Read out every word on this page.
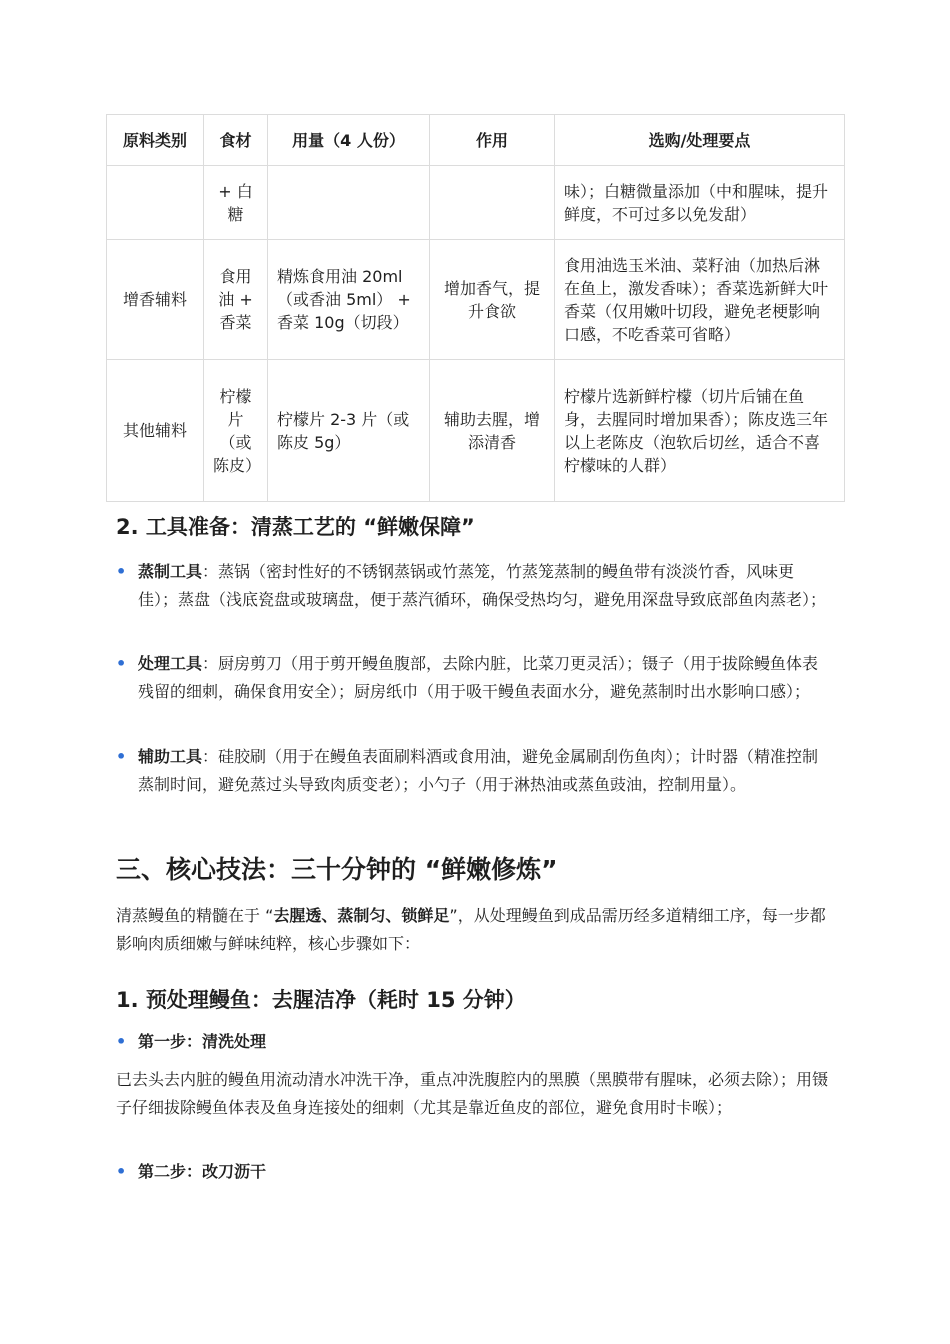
原料类别	食材	用量（4 人份）	作用	选购/处理要点
	+ 白糖			味）；白糖微量添加（中和腥味，提升鲜度，不可过多以免发甜）
增香辅料	食用油 + 香菜	精炼食用油 20ml（或香油 5ml） + 香菜 10g（切段）	增加香气，提升食欲	食用油选玉米油、菜籽油（加热后淋在鱼上，激发香味）；香菜选新鲜大叶香菜（仅用嫩叶切段，避免老梗影响口感，不吃香菜可省略）
其他辅料	柠檬片（或陈皮）	柠檬片 2-3 片（或陈皮 5g）	辅助去腥，增添清香	柠檬片选新鲜柠檬（切片后铺在鱼身，去腥同时增加果香）；陈皮选三年以上老陈皮（泡软后切丝，适合不喜柠檬味的人群）
2. 工具准备：清蒸工艺的 “鲜嫩保障”
• 蒸制工具：蒸锅（密封性好的不锈钢蒸锅或竹蒸笼，竹蒸笼蒸制的鳗鱼带有淡淡竹香，风味更佳）；蒸盘（浅底瓷盘或玻璃盘，便于蒸汽循环，确保受热均匀，避免用深盘导致底部鱼肉蒸老）；
• 处理工具：厨房剪刀（用于剪开鳗鱼腹部，去除内脏，比菜刀更灵活）；镊子（用于拔除鳗鱼体表残留的细刺，确保食用安全）；厨房纸巾（用于吸干鳗鱼表面水分，避免蒸制时出水影响口感）；
• 辅助工具：硅胶刷（用于在鳗鱼表面刷料酒或食用油，避免金属刷刮伤鱼肉）；计时器（精准控制蒸制时间，避免蒸过头导致肉质变老）；小勺子（用于淋热油或蒸鱼豉油，控制用量）。
三、核心技法：三十分钟的 “鲜嫩修炼”
清蒸鳗鱼的精髓在于 “去腥透、蒸制匀、锁鲜足”，从处理鳗鱼到成品需历经多道精细工序，每一步都影响肉质细嫩与鲜味纯粹，核心步骤如下：
1. 预处理鳗鱼：去腥洁净（耗时 15 分钟）
• 第一步：清洗处理
已去头去内脏的鳗鱼用流动清水冲洗干净，重点冲洗腹腔内的黑膜（黑膜带有腥味，必须去除）；用镊子仔细拔除鳗鱼体表及鱼身连接处的细刺（尤其是靠近鱼皮的部位，避免食用时卡喉）；
• 第二步：改刀沥干
